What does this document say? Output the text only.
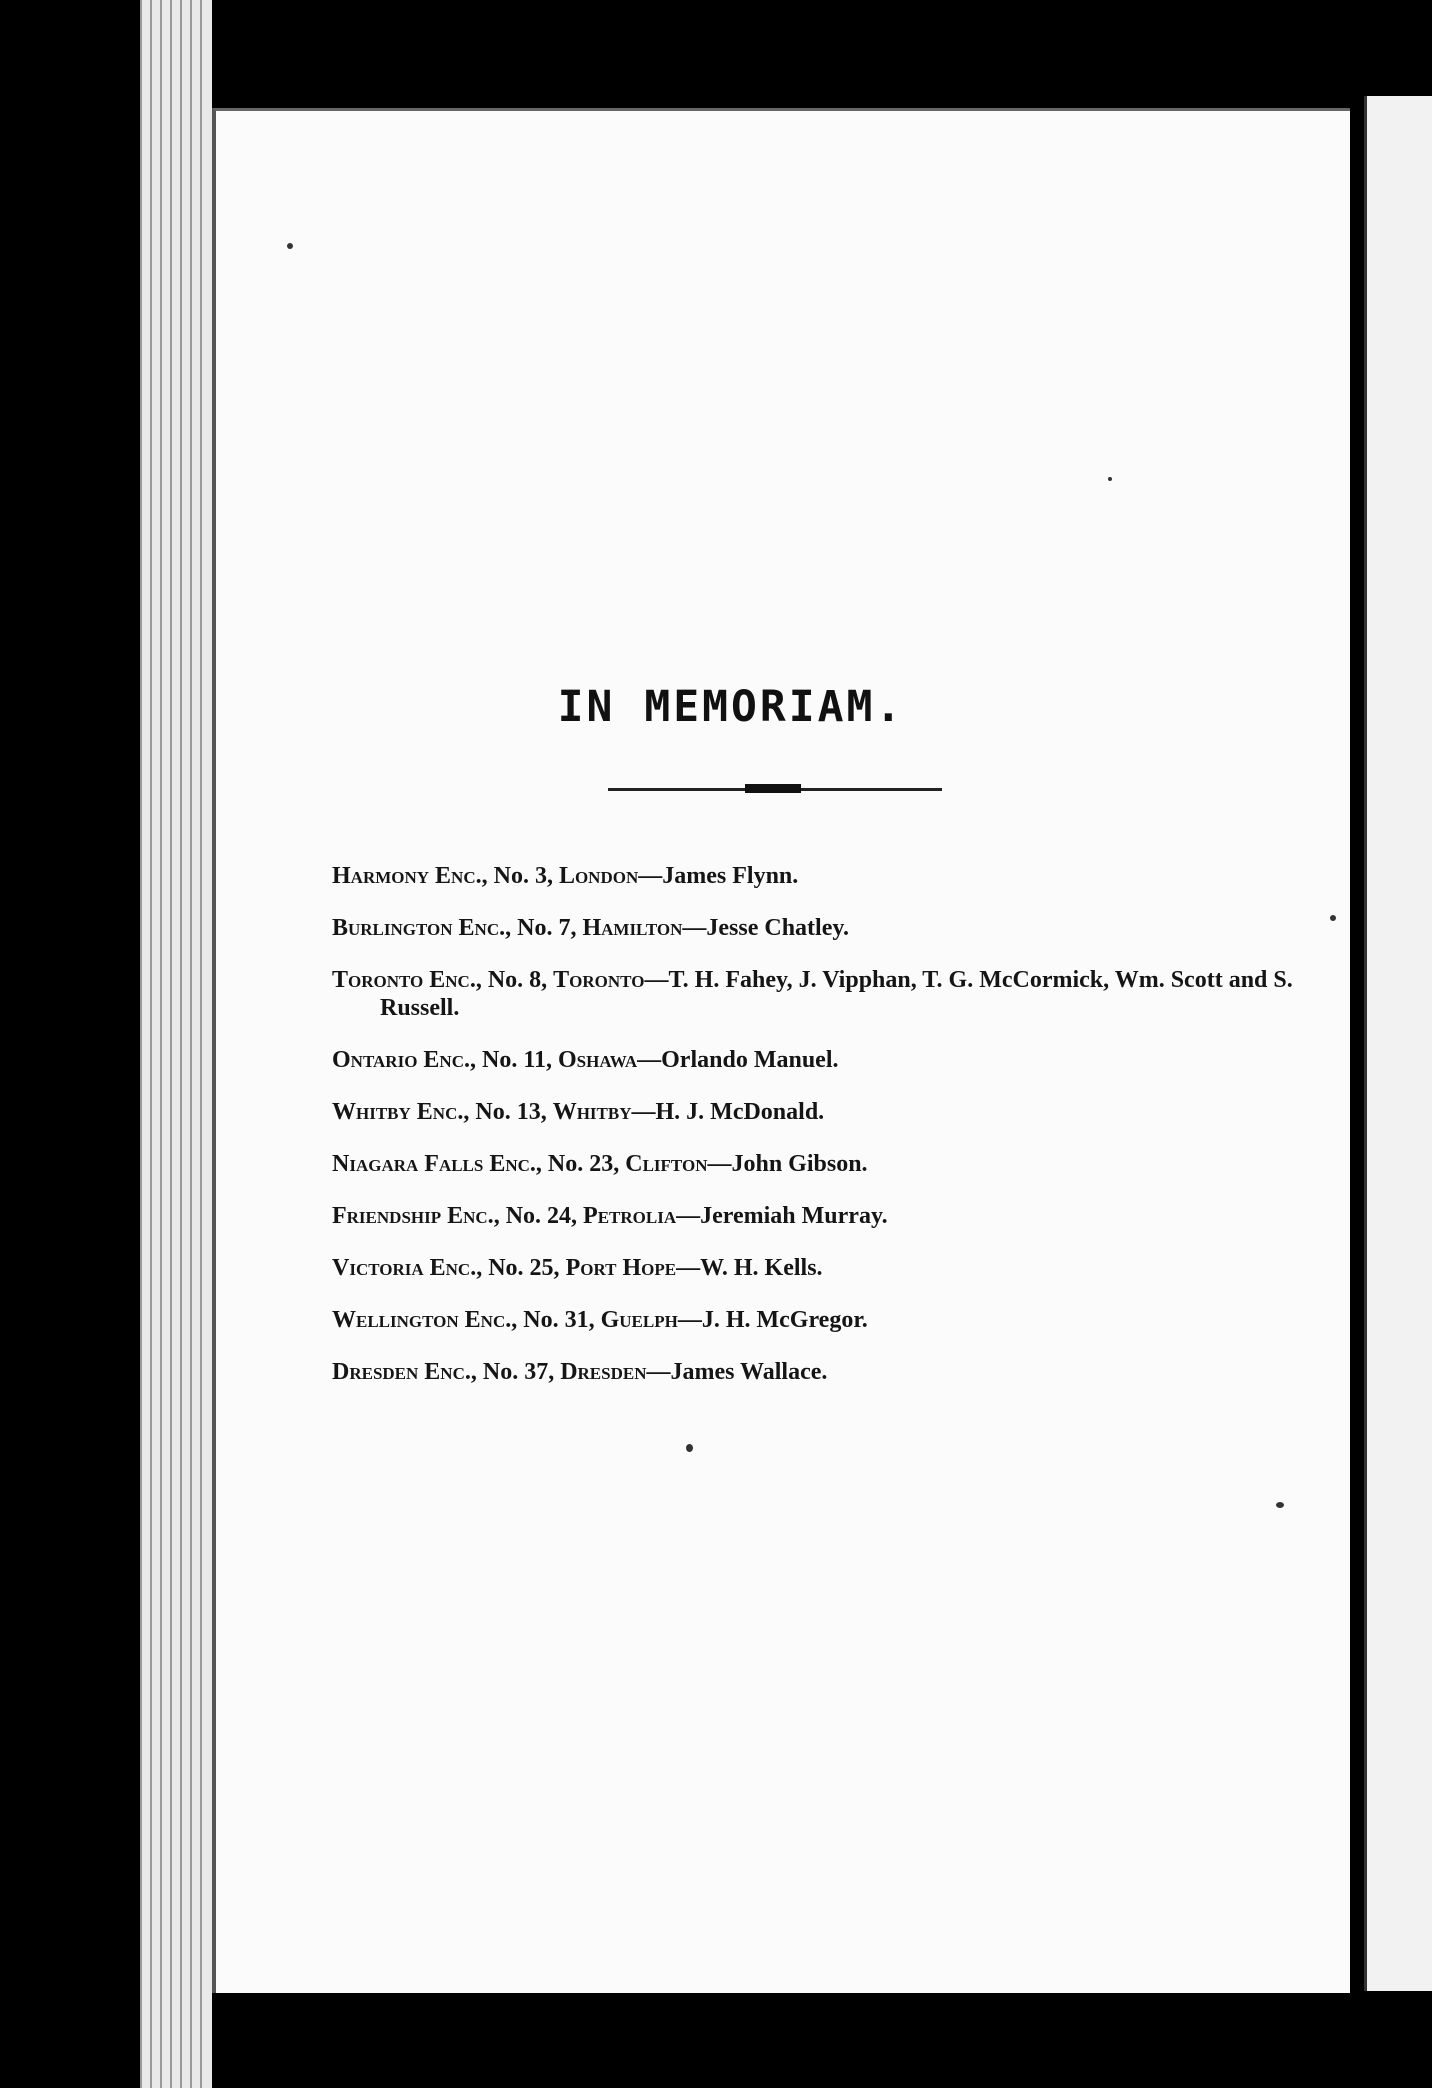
IN MEMORIAM.
Harmony Enc., No. 3, London—James Flynn.
Burlington Enc., No. 7, Hamilton—Jesse Chatley.
Toronto Enc., No. 8, Toronto—T. H. Fahey, J. Vipphan, T. G. McCormick, Wm. Scott and S. Russell.
Ontario Enc., No. 11, Oshawa—Orlando Manuel.
Whitby Enc., No. 13, Whitby—H. J. McDonald.
Niagara Falls Enc., No. 23, Clifton—John Gibson.
Friendship Enc., No. 24, Petrolia—Jeremiah Murray.
Victoria Enc., No. 25, Port Hope—W. H. Kells.
Wellington Enc., No. 31, Guelph—J. H. McGregor.
Dresden Enc., No. 37, Dresden—James Wallace.
